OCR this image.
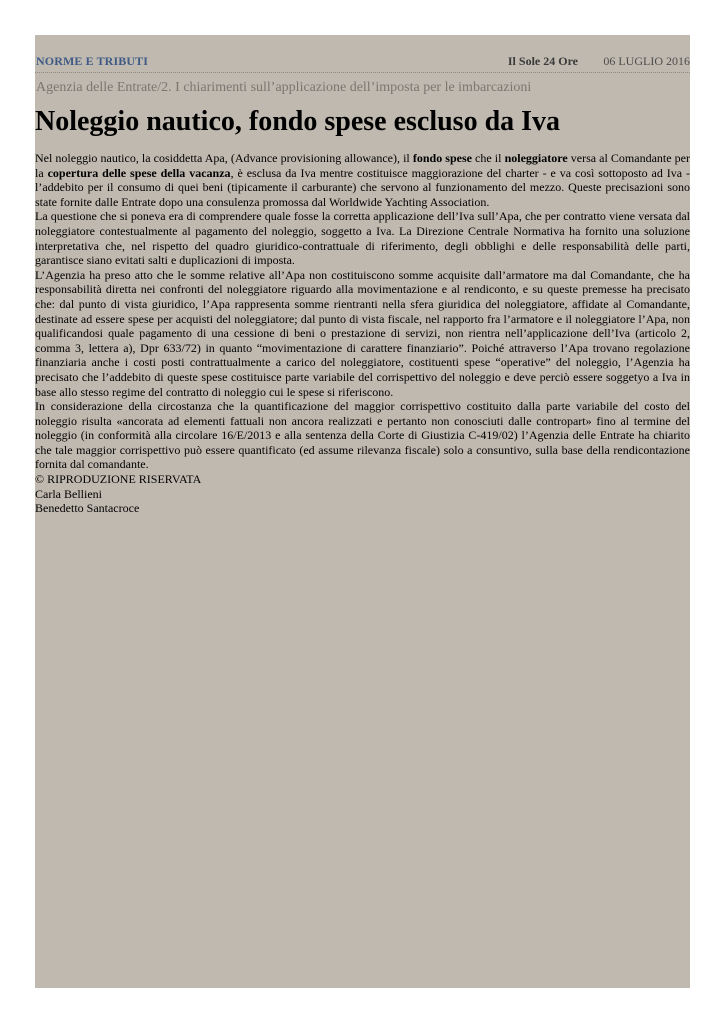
NORME E TRIBUTI	Il Sole 24 Ore 06 LUGLIO 2016
Agenzia delle Entrate/2. I chiarimenti sull’applicazione dell’imposta per le imbarcazioni
Noleggio nautico, fondo spese escluso da Iva

Nel noleggio nautico, la cosiddetta Apa, (Advance provisioning allowance), il fondo spese che il noleggiatore versa al Comandante per la copertura delle spese della vacanza, è esclusa da Iva mentre costituisce maggiorazione del charter - e va così sottoposto ad Iva - l’addebito per il consumo di quei beni (tipicamente il carburante) che servono al funzionamento del mezzo. Queste precisazioni sono state fornite dalle Entrate dopo una consulenza promossa dal Worldwide Yachting Association.

La questione che si poneva era di comprendere quale fosse la corretta applicazione dell’Iva sull’Apa, che per contratto viene versata dal noleggiatore contestualmente al pagamento del noleggio, soggetto a Iva. La Direzione Centrale Normativa ha fornito una soluzione interpretativa che, nel rispetto del quadro giuridico-contrattuale di riferimento, degli obblighi e delle responsabilità delle parti, garantisce siano evitati salti e duplicazioni di imposta.

L’Agenzia ha preso atto che le somme relative all’Apa non costituiscono somme acquisite dall’armatore ma dal Comandante, che ha responsabilità diretta nei confronti del noleggiatore riguardo alla movimentazione e al rendiconto, e su queste premesse ha precisato che: dal punto di vista giuridico, l’Apa rappresenta somme rientranti nella sfera giuridica del noleggiatore, affidate al Comandante, destinate ad essere spese per acquisti del noleggiatore; dal punto di vista fiscale, nel rapporto fra l’armatore e il noleggiatore l’Apa, non qualificandosi quale pagamento di una cessione di beni o prestazione di servizi, non rientra nell’applicazione dell’Iva (articolo 2, comma 3, lettera a), Dpr 633/72) in quanto “movimentazione di carattere finanziario”. Poiché attraverso l’Apa trovano regolazione finanziaria anche i costi posti contrattualmente a carico del noleggiatore, costituenti spese “operative” del noleggio, l’Agenzia ha precisato che l’addebito di queste spese costituisce parte variabile del corrispettivo del noleggio e deve perciò essere soggetyo a Iva in base allo stesso regime del contratto di noleggio cui le spese si riferiscono.

In considerazione della circostanza che la quantificazione del maggior corrispettivo costituito dalla parte variabile del costo del noleggio risulta «ancorata ad elementi fattuali non ancora realizzati e pertanto non conosciuti dalle contropart» fino al termine del noleggio (in conformità alla circolare 16/E/2013 e alla sentenza della Corte di Giustizia C-419/02) l’Agenzia delle Entrate ha chiarito che tale maggior corrispettivo può essere quantificato (ed assume rilevanza fiscale) solo a consuntivo, sulla base della rendicontazione fornita dal comandante.

© RIPRODUZIONE RISERVATA

Carla Bellieni

Benedetto Santacroce
